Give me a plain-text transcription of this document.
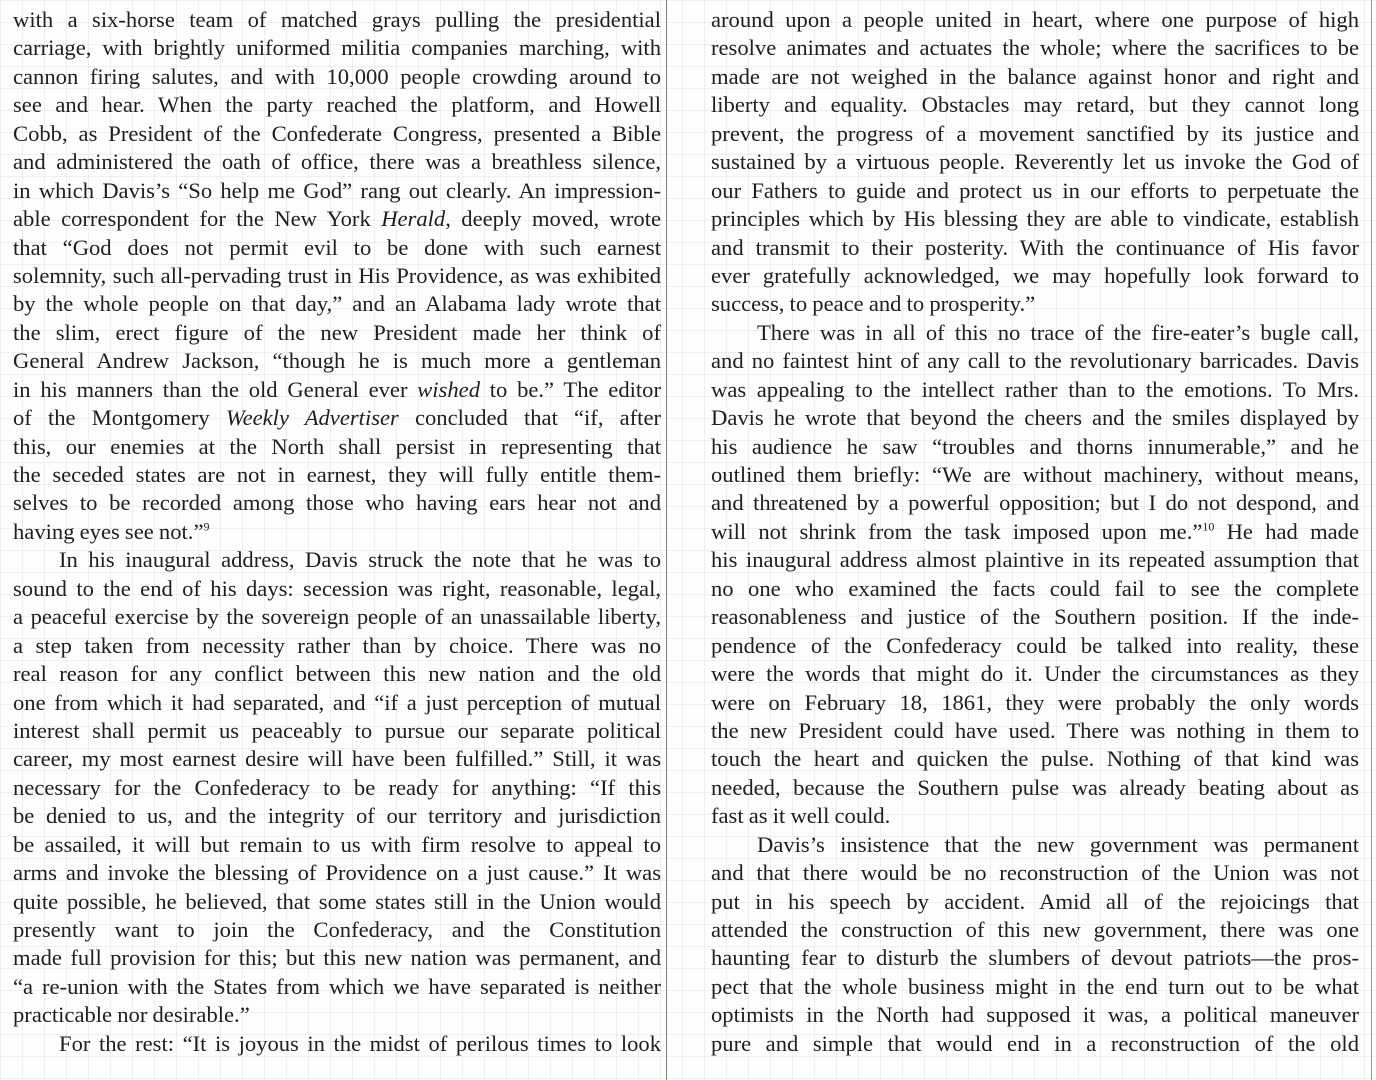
with a six-horse team of matched grays pulling the presidential
carriage, with brightly uniformed militia companies marching, with
cannon firing salutes, and with 10,000 people crowding around to
see and hear. When the party reached the platform, and Howell
Cobb, as President of the Confederate Congress, presented a Bible
and administered the oath of office, there was a breathless silence,
in which Davis’s “So help me God” rang out clearly. An impression-
able correspondent for the New York Herald, deeply moved, wrote
that “God does not permit evil to be done with such earnest
solemnity, such all-pervading trust in His Providence, as was exhibited
by the whole people on that day,” and an Alabama lady wrote that
the slim, erect figure of the new President made her think of
General Andrew Jackson, “though he is much more a gentleman
in his manners than the old General ever wished to be.” The editor
of the Montgomery Weekly Advertiser concluded that “if, after
this, our enemies at the North shall persist in representing that
the seceded states are not in earnest, they will fully entitle them-
selves to be recorded among those who having ears hear not and
having eyes see not.”$^9$
In his inaugural address, Davis struck the note that he was to
sound to the end of his days: secession was right, reasonable, legal,
a peaceful exercise by the sovereign people of an unassailable liberty,
a step taken from necessity rather than by choice. There was no
real reason for any conflict between this new nation and the old
one from which it had separated, and “if a just perception of mutual
interest shall permit us peaceably to pursue our separate political
career, my most earnest desire will have been fulfilled.” Still, it was
necessary for the Confederacy to be ready for anything: “If this
be denied to us, and the integrity of our territory and jurisdiction
be assailed, it will but remain to us with firm resolve to appeal to
arms and invoke the blessing of Providence on a just cause.” It was
quite possible, he believed, that some states still in the Union would
presently want to join the Confederacy, and the Constitution
made full provision for this; but this new nation was permanent, and
“a re-union with the States from which we have separated is neither
practicable nor desirable.”
For the rest: “It is joyous in the midst of perilous times to look
around upon a people united in heart, where one purpose of high
resolve animates and actuates the whole; where the sacrifices to be
made are not weighed in the balance against honor and right and
liberty and equality. Obstacles may retard, but they cannot long
prevent, the progress of a movement sanctified by its justice and
sustained by a virtuous people. Reverently let us invoke the God of
our Fathers to guide and protect us in our efforts to perpetuate the
principles which by His blessing they are able to vindicate, establish
and transmit to their posterity. With the continuance of His favor
ever gratefully acknowledged, we may hopefully look forward to
success, to peace and to prosperity.”
There was in all of this no trace of the fire-eater’s bugle call,
and no faintest hint of any call to the revolutionary barricades. Davis
was appealing to the intellect rather than to the emotions. To Mrs.
Davis he wrote that beyond the cheers and the smiles displayed by
his audience he saw “troubles and thorns innumerable,” and he
outlined them briefly: “We are without machinery, without means,
and threatened by a powerful opposition; but I do not despond, and
will not shrink from the task imposed upon me.”$^{10}$ He had made
his inaugural address almost plaintive in its repeated assumption that
no one who examined the facts could fail to see the complete
reasonableness and justice of the Southern position. If the inde-
pendence of the Confederacy could be talked into reality, these
were the words that might do it. Under the circumstances as they
were on February 18, 1861, they were probably the only words
the new President could have used. There was nothing in them to
touch the heart and quicken the pulse. Nothing of that kind was
needed, because the Southern pulse was already beating about as
fast as it well could.
Davis’s insistence that the new government was permanent
and that there would be no reconstruction of the Union was not
put in his speech by accident. Amid all of the rejoicings that
attended the construction of this new government, there was one
haunting fear to disturb the slumbers of devout patriots—the pros-
pect that the whole business might in the end turn out to be what
optimists in the North had supposed it was, a political maneuver
pure and simple that would end in a reconstruction of the old
